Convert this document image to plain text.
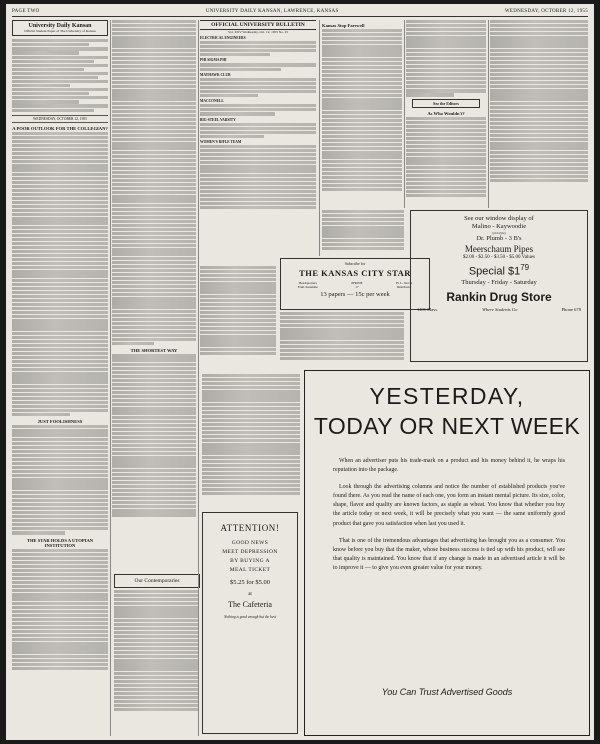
PAGE TWO	UNIVERSITY DAILY KANSAN, LAWRENCE, KANSAS	WEDNESDAY, OCTOBER 12, 1955
University Daily Kansan
Official Student Paper of The University of Kansas
WEDNESDAY, OCTOBER 12, 1955
A POOR OUTLOOK FOR THE COLLEGIAN?
JUST FOOLISHNESS
THE STAR HOLDS A UTOPIAN INSTITUTION
THE SHORTEST WAY
Our Contemporaries
OFFICIAL UNIVERSITY BULLETIN
Vol. XXV Wednesday, Oct. 12, 1955 No. 25
ELECTRICAL ENGINEERS
PHI SIGMA PHI
MAYHAWK CLUB
MACCONELL
BIG-STEEL VARSITY
WOMEN'S RIFLE TEAM
Kansas Stop Farewell
Sez the Editors
As Who Wouldn't?
Subscribe for
THE KANSAS CITY STAR
Headquarters
Fruit-Sunshine
PHONE
17
H. L. Nevin
Distributor
13 papers — 15c per week
See our window display of
Malino - Kaywoodie
(old style)
Dr. Plumb - 3 B's
Meerschaum Pipes
$2.00 - $2.50 - $3.50 - $5.00 Values
Special $\$1^{79}$
Thursday - Friday - Saturday
Rankin Drug Store
1101 Mass.	Where Students Go	Phone 678
ATTENTION!
GOOD NEWS
MEET DEPRESSION
BY BUYING A
MEAL TICKET
$5.25 for $5.00
at
The Cafeteria
Nothing is good enough but the best
YESTERDAY,
TODAY OR NEXT WEEK

When an advertiser puts his trade-mark on a product and his money behind it, he wraps his reputation into the package.

Look through the advertising columns and notice the number of established products you've found there. As you read the name of each one, you form an instant mental picture. Its size, color, shape, flavor and quality are known factors, as staple as wheat. You know that whether you buy the article today or next week, it will be precisely what you want — the same uniformly good product that gave you satisfaction when last you used it.

That is one of the tremendous advantages that advertising has brought you as a consumer. You know before you buy that the maker, whose business success is tied up with his product, will see that quality is maintained. You know that if any change is made in an advertised article it will be to improve it — to give you even greater value for your money.

You Can Trust Advertised Goods
